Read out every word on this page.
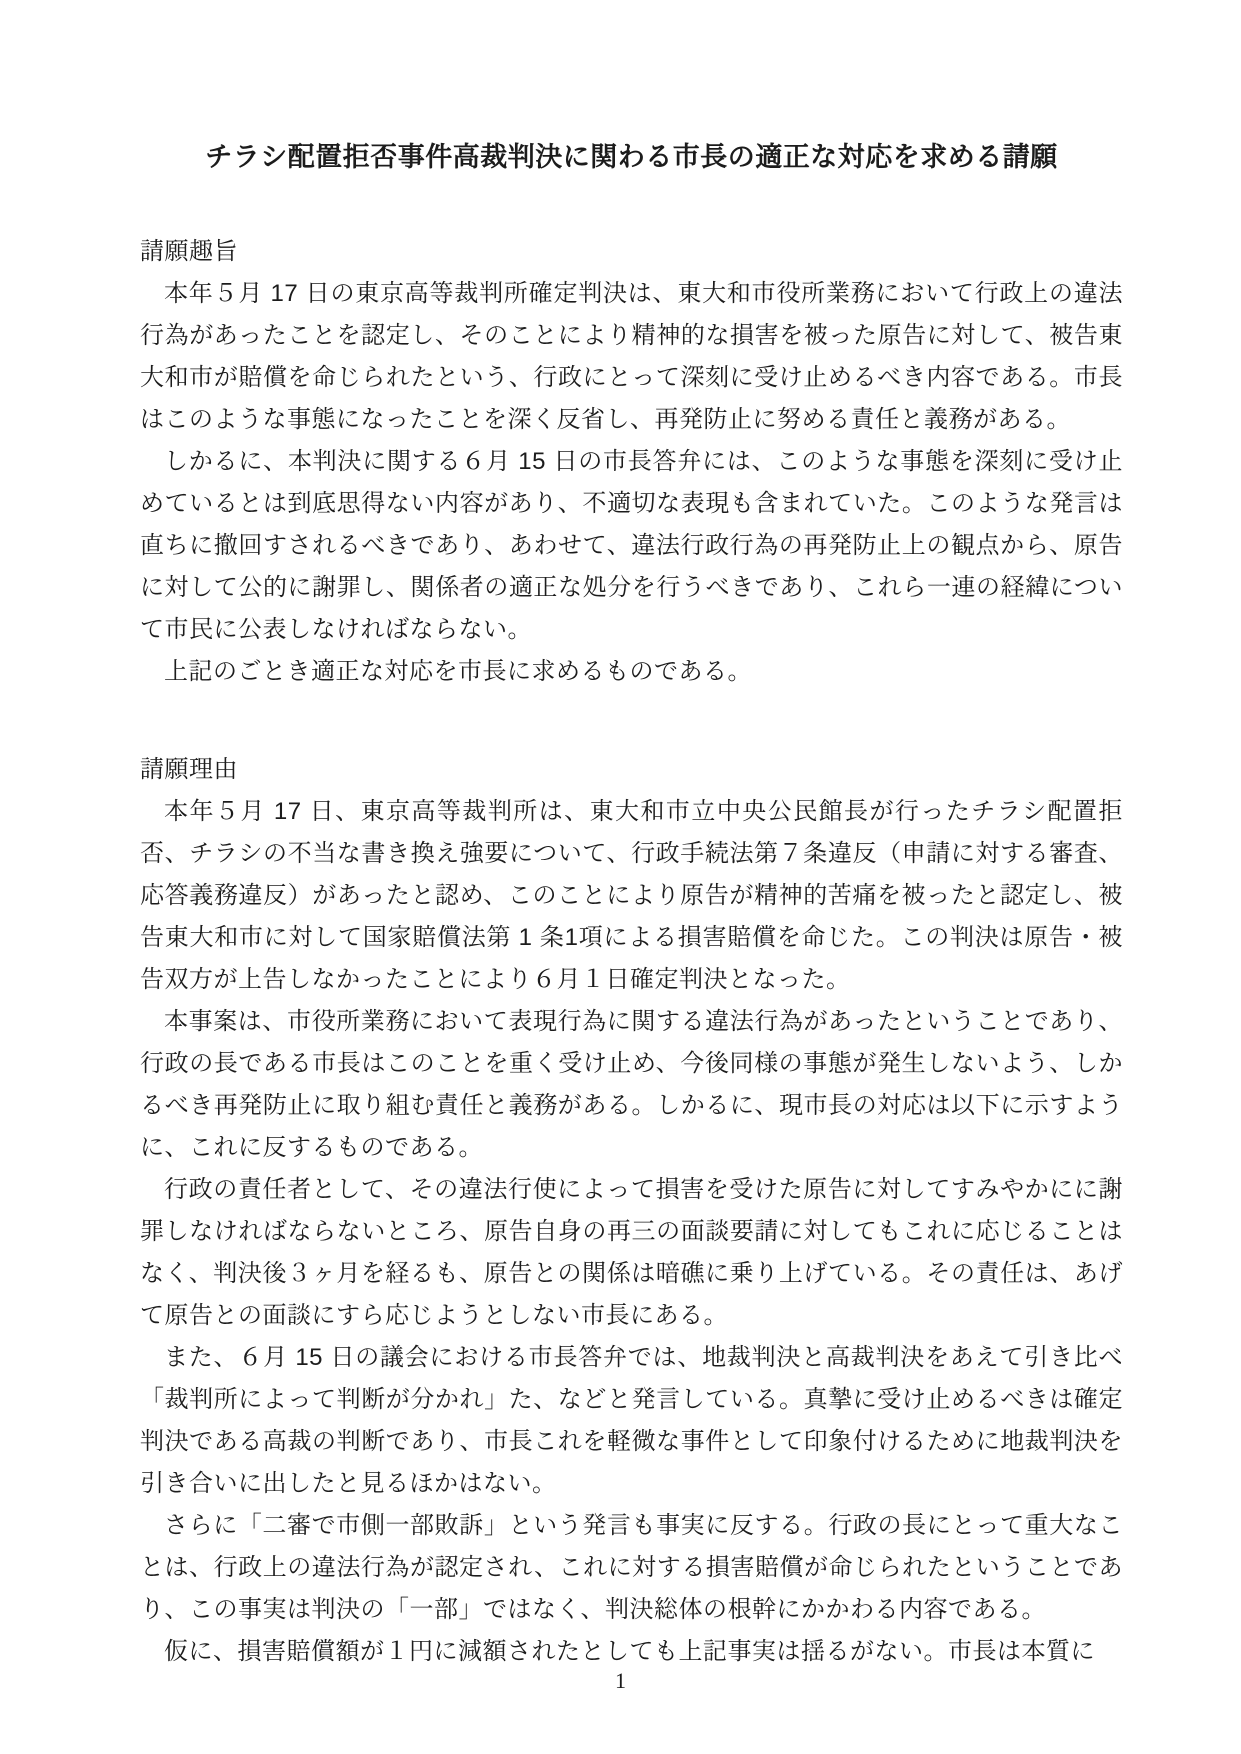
チラシ配置拒否事件高裁判決に関わる市長の適正な対応を求める請願
請願趣旨

本年５月 17 日の東京高等裁判所確定判決は、東大和市役所業務において行政上の違法行為があったことを認定し、そのことにより精神的な損害を被った原告に対して、被告東大和市が賠償を命じられたという、行政にとって深刻に受け止めるべき内容である。市長はこのような事態になったことを深く反省し、再発防止に努める責任と義務がある。

しかるに、本判決に関する６月 15 日の市長答弁には、このような事態を深刻に受け止めているとは到底思得ない内容があり、不適切な表現も含まれていた。このような発言は直ちに撤回すされるべきであり、あわせて、違法行政行為の再発防止上の観点から、原告に対して公的に謝罪し、関係者の適正な処分を行うべきであり、これら一連の経緯について市民に公表しなければならない。

上記のごとき適正な対応を市長に求めるものである。

請願理由

本年５月 17 日、東京高等裁判所は、東大和市立中央公民館長が行ったチラシ配置拒否、チラシの不当な書き換え強要について、行政手続法第７条違反（申請に対する審査、応答義務違反）があったと認め、このことにより原告が精神的苦痛を被ったと認定し、被告東大和市に対して国家賠償法第 1 条1項による損害賠償を命じた。この判決は原告・被告双方が上告しなかったことにより６月１日確定判決となった。

本事案は、市役所業務において表現行為に関する違法行為があったということであり、行政の長である市長はこのことを重く受け止め、今後同様の事態が発生しないよう、しかるべき再発防止に取り組む責任と義務がある。しかるに、現市長の対応は以下に示すように、これに反するものである。

行政の責任者として、その違法行使によって損害を受けた原告に対してすみやかにに謝罪しなければならないところ、原告自身の再三の面談要請に対してもこれに応じることはなく、判決後３ヶ月を経るも、原告との関係は暗礁に乗り上げている。その責任は、あげて原告との面談にすら応じようとしない市長にある。

また、６月 15 日の議会における市長答弁では、地裁判決と高裁判決をあえて引き比べ「裁判所によって判断が分かれ」た、などと発言している。真摯に受け止めるべきは確定判決である高裁の判断であり、市長これを軽微な事件として印象付けるために地裁判決を引き合いに出したと見るほかはない。

さらに「二審で市側一部敗訴」という発言も事実に反する。行政の長にとって重大なことは、行政上の違法行為が認定され、これに対する損害賠償が命じられたということであり、この事実は判決の「一部」ではなく、判決総体の根幹にかかわる内容である。

仮に、損害賠償額が１円に減額されたとしても上記事実は揺るがない。市長は本質に

1
